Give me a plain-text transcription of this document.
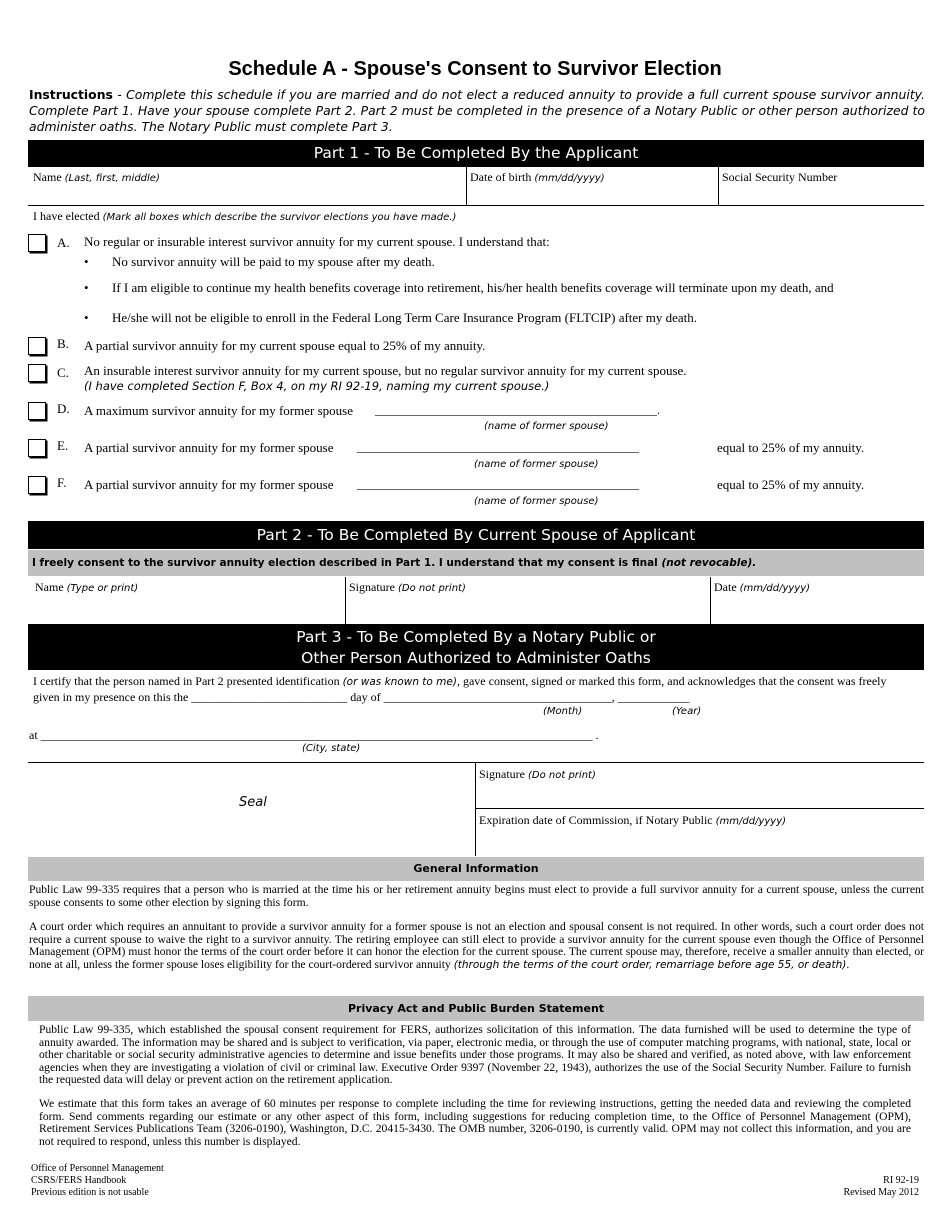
Schedule A - Spouse's Consent to Survivor Election
Instructions - Complete this schedule if you are married and do not elect a reduced annuity to provide a full current spouse survivor annuity. Complete Part 1. Have your spouse complete Part 2. Part 2 must be completed in the presence of a Notary Public or other person authorized to administer oaths. The Notary Public must complete Part 3.
Part 1 - To Be Completed By the Applicant
Name (Last, first, middle)	Date of birth (mm/dd/yyyy)	Social Security Number
I have elected (Mark all boxes which describe the survivor elections you have made.)
A. No regular or insurable interest survivor annuity for my current spouse. I understand that:
• No survivor annuity will be paid to my spouse after my death.
• If I am eligible to continue my health benefits coverage into retirement, his/her health benefits coverage will terminate upon my death, and
• He/she will not be eligible to enroll in the Federal Long Term Care Insurance Program (FLTCIP) after my death.
B. A partial survivor annuity for my current spouse equal to 25% of my annuity.
C. An insurable interest survivor annuity for my current spouse, but no regular survivor annuity for my current spouse.
(I have completed Section F, Box 4, on my RI 92-19, naming my current spouse.)
D. A maximum survivor annuity for my former spouse _______________________________________________.
(name of former spouse)
E. A partial survivor annuity for my former spouse _______________________________________________	equal to 25% of my annuity.
(name of former spouse)
F. A partial survivor annuity for my former spouse _______________________________________________	equal to 25% of my annuity.
(name of former spouse)
Part 2 - To Be Completed By Current Spouse of Applicant
I freely consent to the survivor annuity election described in Part 1. I understand that my consent is final (not revocable).
Name (Type or print)	Signature (Do not print)	Date (mm/dd/yyyy)
Part 3 - To Be Completed By a Notary Public or
Other Person Authorized to Administer Oaths
I certify that the person named in Part 2 presented identification (or was known to me), gave consent, signed or marked this form, and acknowledges that the consent was freely
given in my presence on this the __________________________ day of ______________________________________, ____________
(Month)	(Year)
at ____________________________________________________________________________________________ .
(City, state)
Seal
Signature (Do not print)
Expiration date of Commission, if Notary Public (mm/dd/yyyy)
General Information
Public Law 99-335 requires that a person who is married at the time his or her retirement annuity begins must elect to provide a full survivor annuity for a current spouse, unless the current spouse consents to some other election by signing this form.
A court order which requires an annuitant to provide a survivor annuity for a former spouse is not an election and spousal consent is not required. In other words, such a court order does not require a current spouse to waive the right to a survivor annuity. The retiring employee can still elect to provide a survivor annuity for the current spouse even though the Office of Personnel Management (OPM) must honor the terms of the court order before it can honor the election for the current spouse. The current spouse may, therefore, receive a smaller annuity than elected, or none at all, unless the former spouse loses eligibility for the court-ordered survivor annuity (through the terms of the court order, remarriage before age 55, or death).
Privacy Act and Public Burden Statement
Public Law 99-335, which established the spousal consent requirement for FERS, authorizes solicitation of this information. The data furnished will be used to determine the type of annuity awarded. The information may be shared and is subject to verification, via paper, electronic media, or through the use of computer matching programs, with national, state, local or other charitable or social security administrative agencies to determine and issue benefits under those programs. It may also be shared and verified, as noted above, with law enforcement agencies when they are investigating a violation of civil or criminal law. Executive Order 9397 (November 22, 1943), authorizes the use of the Social Security Number. Failure to furnish the requested data will delay or prevent action on the retirement application.
We estimate that this form takes an average of 60 minutes per response to complete including the time for reviewing instructions, getting the needed data and reviewing the completed form. Send comments regarding our estimate or any other aspect of this form, including suggestions for reducing completion time, to the Office of Personnel Management (OPM), Retirement Services Publications Team (3206-0190), Washington, D.C. 20415-3430. The OMB number, 3206-0190, is currently valid. OPM may not collect this information, and you are not required to respond, unless this number is displayed.
Office of Personnel Management
CSRS/FERS Handbook
Previous edition is not usable
RI 92-19
Revised May 2012
